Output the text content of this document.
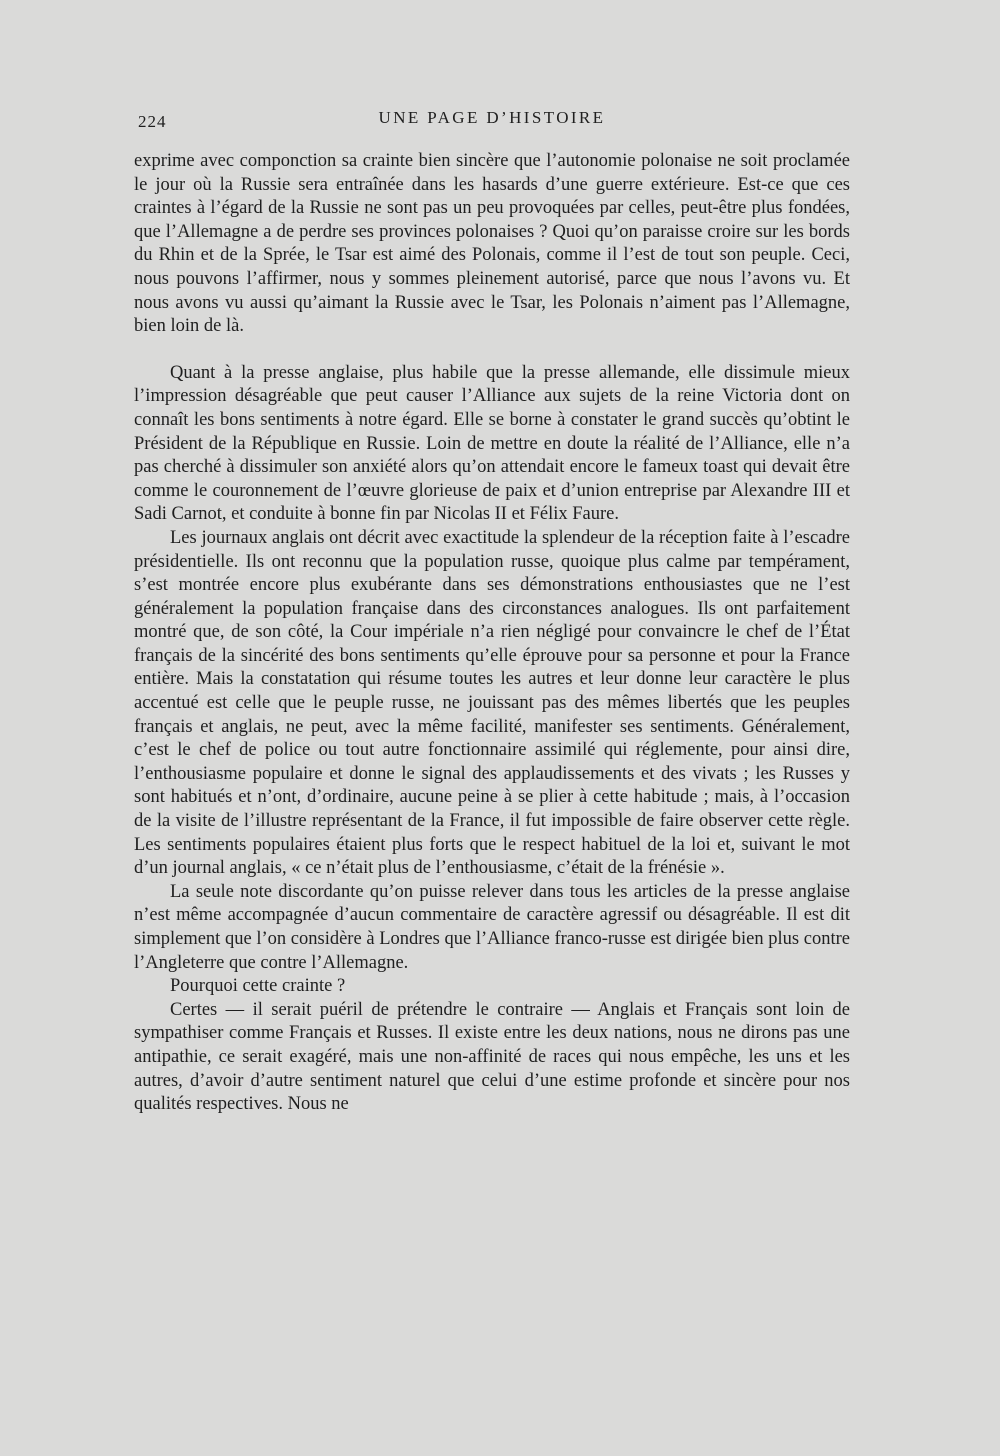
224	UNE PAGE D’HISTOIRE

exprime avec componction sa crainte bien sincère que l’autonomie polonaise ne soit proclamée le jour où la Russie sera entraînée dans les hasards d’une guerre extérieure. Est-ce que ces craintes à l’égard de la Russie ne sont pas un peu provoquées par celles, peut-être plus fondées, que l’Allemagne a de perdre ses provinces polonaises ? Quoi qu’on paraisse croire sur les bords du Rhin et de la Sprée, le Tsar est aimé des Polonais, comme il l’est de tout son peuple. Ceci, nous pouvons l’affirmer, nous y sommes pleinement autorisé, parce que nous l’avons vu. Et nous avons vu aussi qu’aimant la Russie avec le Tsar, les Polonais n’aiment pas l’Allemagne, bien loin de là.

Quant à la presse anglaise, plus habile que la presse allemande, elle dissimule mieux l’impression désagréable que peut causer l’Alliance aux sujets de la reine Victoria dont on connaît les bons sentiments à notre égard. Elle se borne à constater le grand succès qu’obtint le Président de la République en Russie. Loin de mettre en doute la réalité de l’Alliance, elle n’a pas cherché à dissimuler son anxiété alors qu’on attendait encore le fameux toast qui devait être comme le couronnement de l’œuvre glorieuse de paix et d’union entreprise par Alexandre III et Sadi Carnot, et conduite à bonne fin par Nicolas II et Félix Faure.

Les journaux anglais ont décrit avec exactitude la splendeur de la réception faite à l’escadre présidentielle. Ils ont reconnu que la population russe, quoique plus calme par tempérament, s’est montrée encore plus exubérante dans ses démonstrations enthousiastes que ne l’est généralement la population française dans des circonstances analogues. Ils ont parfaitement montré que, de son côté, la Cour impériale n’a rien négligé pour convaincre le chef de l’État français de la sincérité des bons sentiments qu’elle éprouve pour sa personne et pour la France entière. Mais la constatation qui résume toutes les autres et leur donne leur caractère le plus accentué est celle que le peuple russe, ne jouissant pas des mêmes libertés que les peuples français et anglais, ne peut, avec la même facilité, manifester ses sentiments. Généralement, c’est le chef de police ou tout autre fonctionnaire assimilé qui réglemente, pour ainsi dire, l’enthousiasme populaire et donne le signal des applaudissements et des vivats ; les Russes y sont habitués et n’ont, d’ordinaire, aucune peine à se plier à cette habitude ; mais, à l’occasion de la visite de l’illustre représentant de la France, il fut impossible de faire observer cette règle. Les sentiments populaires étaient plus forts que le respect habituel de la loi et, suivant le mot d’un journal anglais, « ce n’était plus de l’enthousiasme, c’était de la frénésie ».

La seule note discordante qu’on puisse relever dans tous les articles de la presse anglaise n’est même accompagnée d’aucun commentaire de caractère agressif ou désagréable. Il est dit simplement que l’on considère à Londres que l’Alliance franco-russe est dirigée bien plus contre l’Angleterre que contre l’Allemagne.

Pourquoi cette crainte ?

Certes — il serait puéril de prétendre le contraire — Anglais et Français sont loin de sympathiser comme Français et Russes. Il existe entre les deux nations, nous ne dirons pas une antipathie, ce serait exagéré, mais une non-affinité de races qui nous empêche, les uns et les autres, d’avoir d’autre sentiment naturel que celui d’une estime profonde et sincère pour nos qualités respectives. Nous ne
